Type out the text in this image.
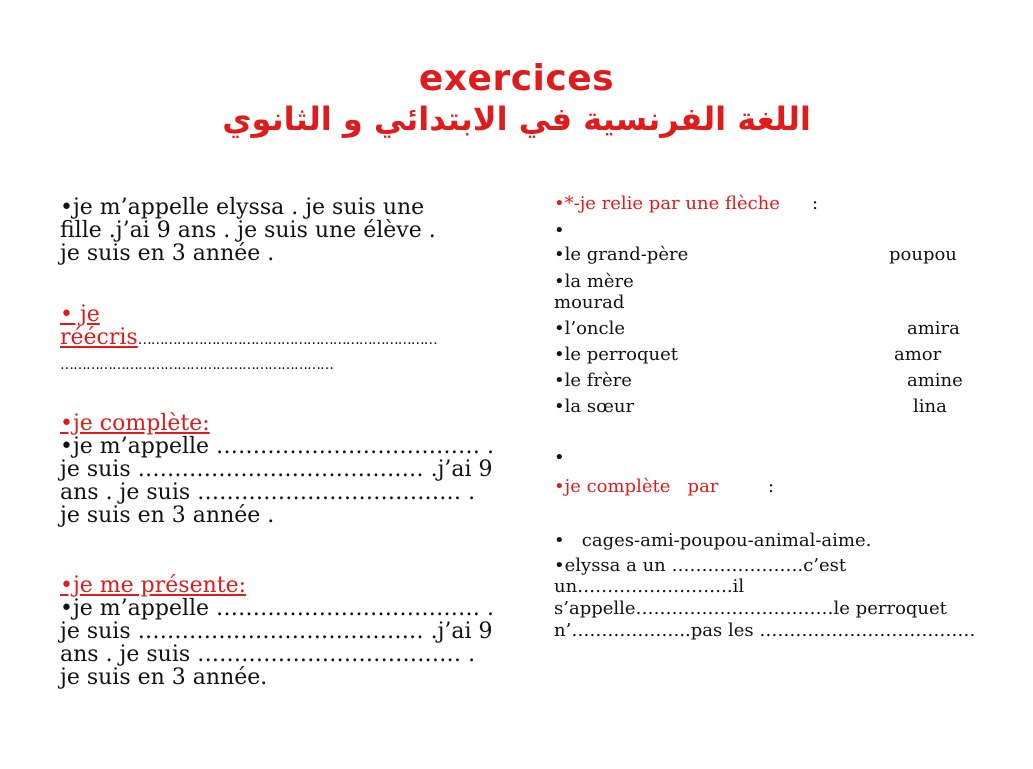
exercices
اللغة الفرنسية في الابتدائي و الثانوي
•je m’appelle elyssa . je suis une
fille .j’ai 9 ans . je suis une élève .
je suis en 3 année .
• je
réécris……………………………………………………………
………………………………………………………
•je complète:
•je m’appelle ……………………………… .
je suis ………………………………… .j’ai 9
ans . je suis ……………………………… .
je suis en 3 année .
•je me présente:
•je m’appelle ……………………………… .
je suis ………………………………… .j’ai 9
ans . je suis ……………………………… .
je suis en 3 année.
•*-je relie par une flèche :
•
•le grand-père	poupou
•la mère
mourad
•l’oncle	amira
•le perroquet	amor
•le frère	amine
•la sœur	lina
•
•je complète   par	:
•   cages-ami-poupou-animal-aime.
•elyssa a un ………………….c’est
un……………………..il
s’appelle……………………………le perroquet
n’………………..pas les ………………………………
